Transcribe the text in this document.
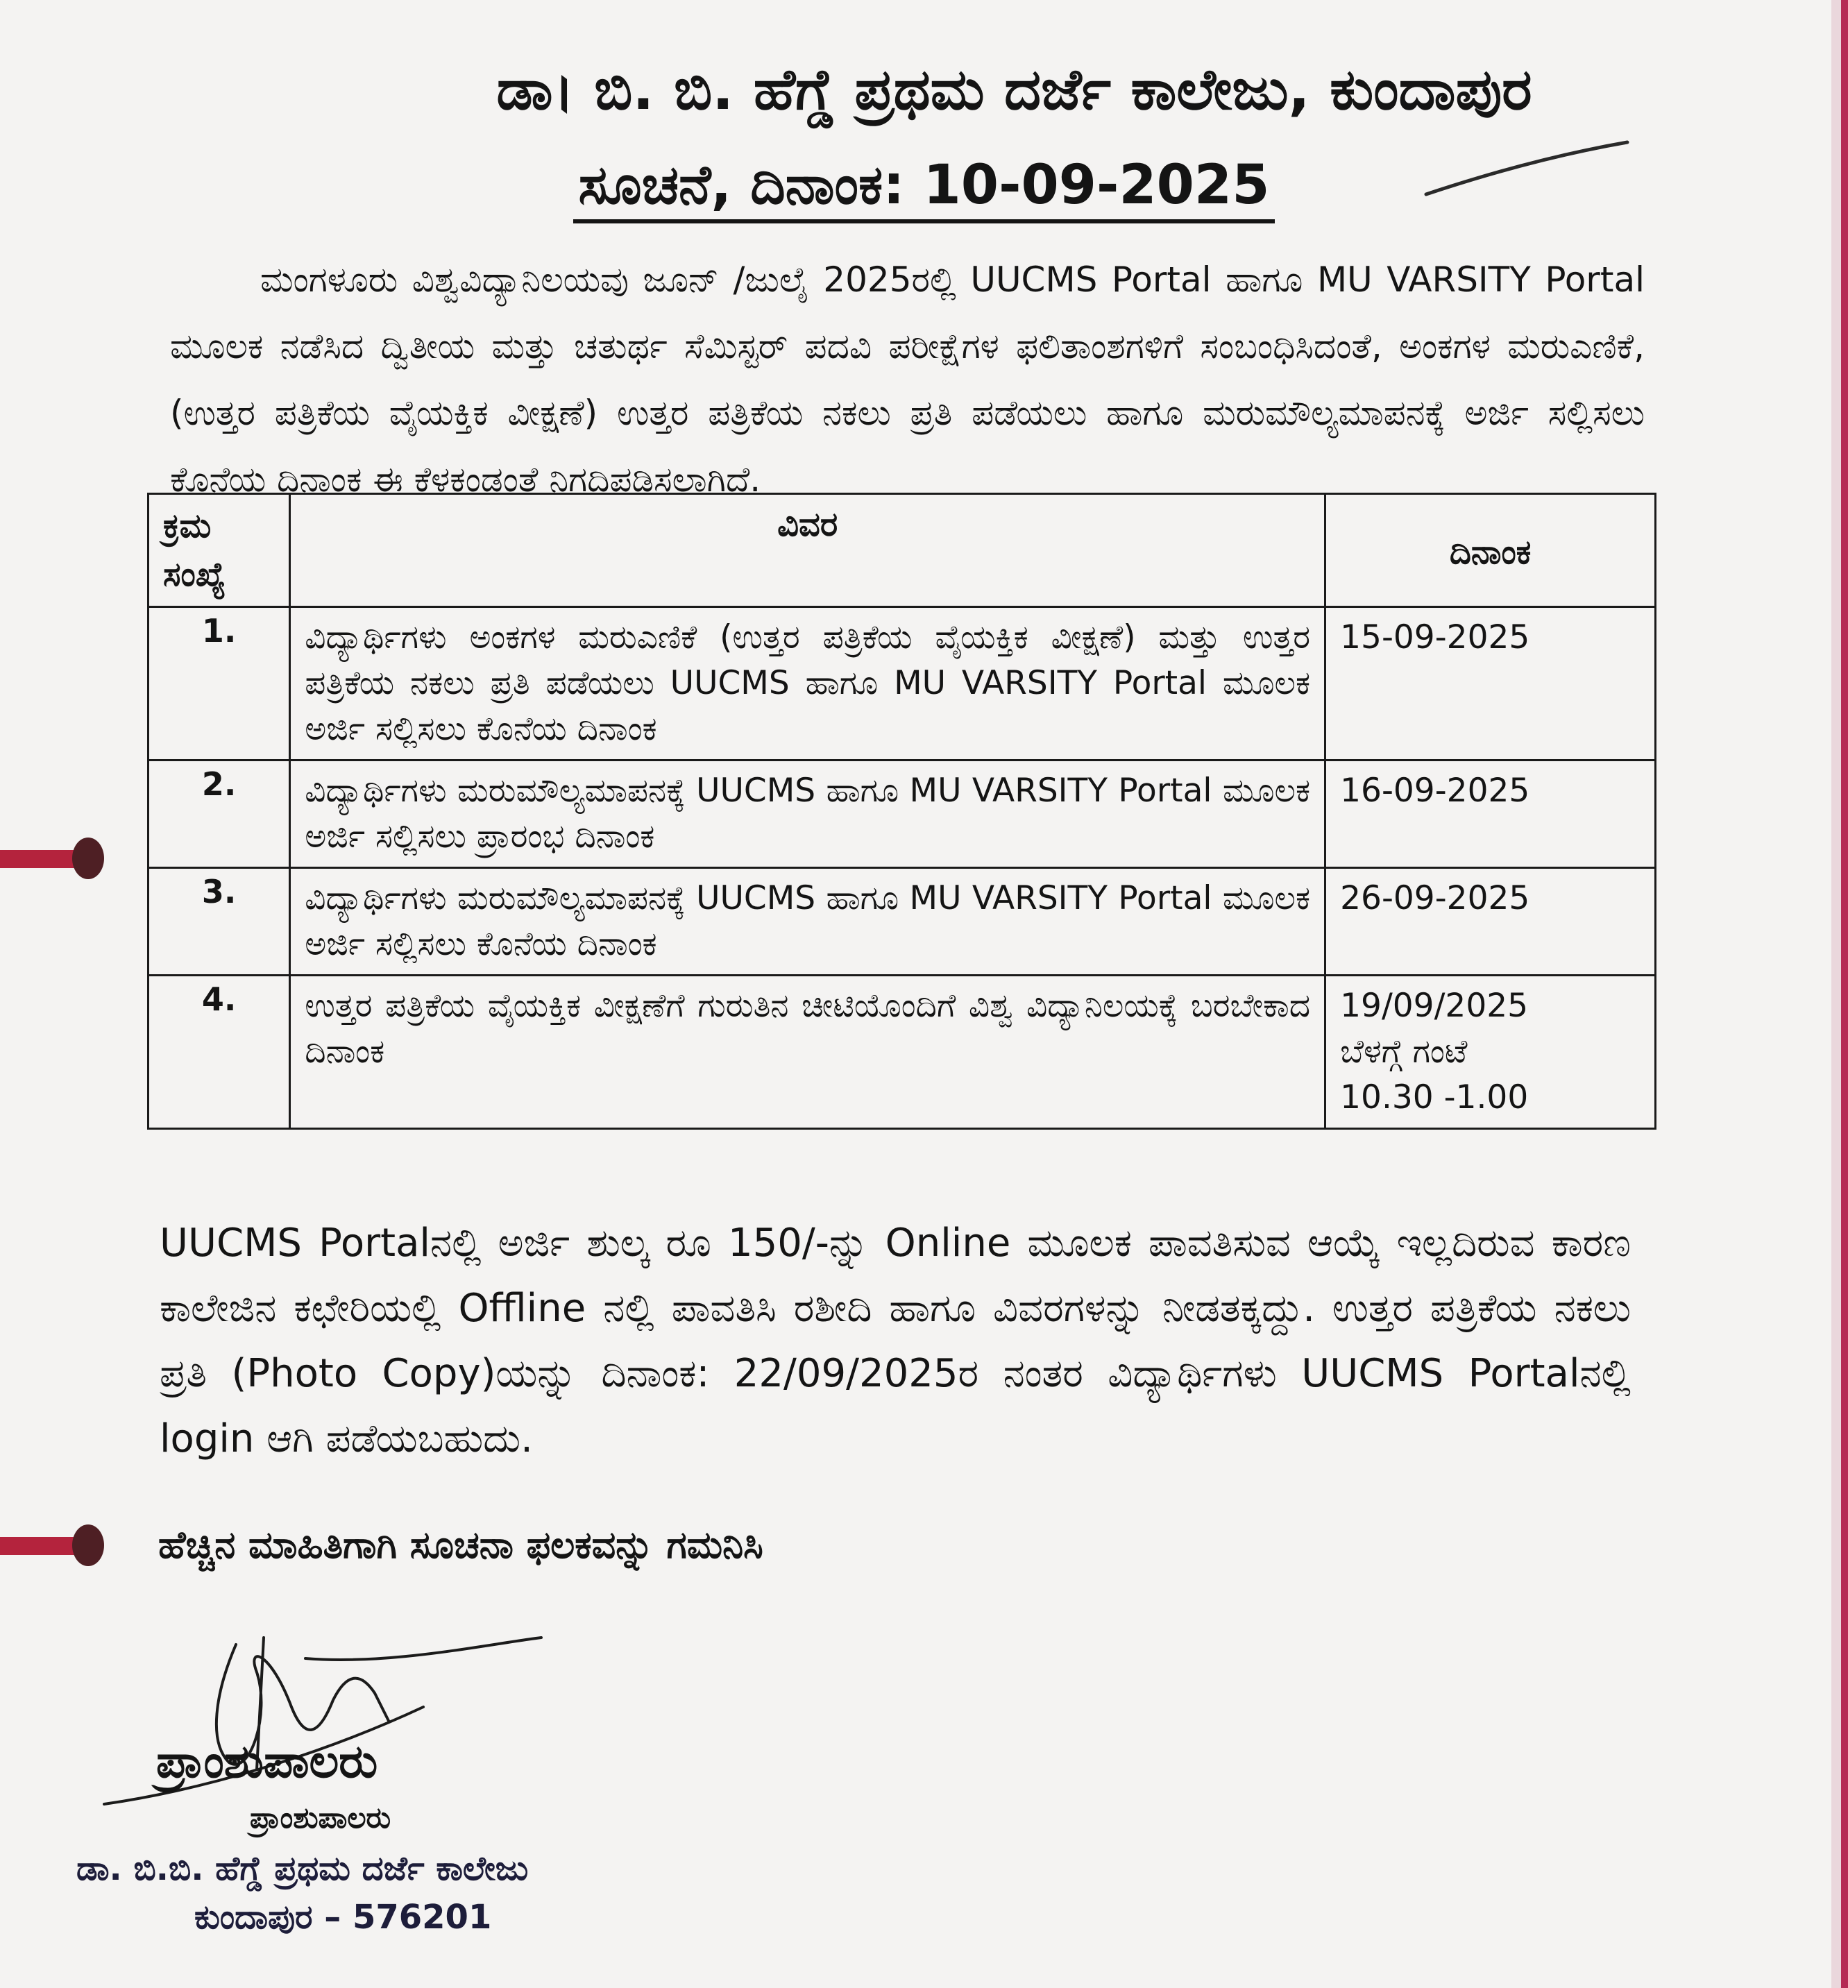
ಡಾ। ಬಿ. ಬಿ. ಹೆಗ್ಡೆ ಪ್ರಥಮ ದರ್ಜೆ ಕಾಲೇಜು, ಕುಂದಾಪುರ
ಸೂಚನೆ, ದಿನಾಂಕ: 10-09-2025
ಮಂಗಳೂರು ವಿಶ್ವವಿದ್ಯಾನಿಲಯವು ಜೂನ್ /ಜುಲೈ 2025ರಲ್ಲಿ UUCMS Portal ಹಾಗೂ MU VARSITY Portal ಮೂಲಕ ನಡೆಸಿದ ದ್ವಿತೀಯ ಮತ್ತು ಚತುರ್ಥ ಸೆಮಿಸ್ಟರ್ ಪದವಿ ಪರೀಕ್ಷೆಗಳ ಫಲಿತಾಂಶಗಳಿಗೆ ಸಂಬಂಧಿಸಿದಂತೆ, ಅಂಕಗಳ ಮರುಎಣಿಕೆ, (ಉತ್ತರ ಪತ್ರಿಕೆಯ ವೈಯಕ್ತಿಕ ವೀಕ್ಷಣೆ) ಉತ್ತರ ಪತ್ರಿಕೆಯ ನಕಲು ಪ್ರತಿ ಪಡೆಯಲು ಹಾಗೂ ಮರುಮೌಲ್ಯಮಾಪನಕ್ಕೆ ಅರ್ಜಿ ಸಲ್ಲಿಸಲು ಕೊನೆಯ ದಿನಾಂಕ ಈ ಕೆಳಕಂಡಂತೆ ನಿಗದಿಪಡಿಸಲಾಗಿದೆ.
ಕ್ರಮ ಸಂಖ್ಯೆ	ವಿವರ	ದಿನಾಂಕ
1.	ವಿದ್ಯಾರ್ಥಿಗಳು ಅಂಕಗಳ ಮರುಎಣಿಕೆ (ಉತ್ತರ ಪತ್ರಿಕೆಯ ವೈಯಕ್ತಿಕ ವೀಕ್ಷಣೆ) ಮತ್ತು ಉತ್ತರ ಪತ್ರಿಕೆಯ ನಕಲು ಪ್ರತಿ ಪಡೆಯಲು UUCMS ಹಾಗೂ MU VARSITY Portal ಮೂಲಕ ಅರ್ಜಿ ಸಲ್ಲಿಸಲು ಕೊನೆಯ ದಿನಾಂಕ	15-09-2025
2.	ವಿದ್ಯಾರ್ಥಿಗಳು ಮರುಮೌಲ್ಯಮಾಪನಕ್ಕೆ UUCMS ಹಾಗೂ MU VARSITY Portal ಮೂಲಕ ಅರ್ಜಿ ಸಲ್ಲಿಸಲು ಪ್ರಾರಂಭ ದಿನಾಂಕ	16-09-2025
3.	ವಿದ್ಯಾರ್ಥಿಗಳು ಮರುಮೌಲ್ಯಮಾಪನಕ್ಕೆ UUCMS ಹಾಗೂ MU VARSITY Portal ಮೂಲಕ ಅರ್ಜಿ ಸಲ್ಲಿಸಲು ಕೊನೆಯ ದಿನಾಂಕ	26-09-2025
4.	ಉತ್ತರ ಪತ್ರಿಕೆಯ ವೈಯಕ್ತಿಕ ವೀಕ್ಷಣೆಗೆ ಗುರುತಿನ ಚೀಟಿಯೊಂದಿಗೆ ವಿಶ್ವ ವಿದ್ಯಾನಿಲಯಕ್ಕೆ ಬರಬೇಕಾದ ದಿನಾಂಕ	19/09/2025
ಬೆಳಗ್ಗೆ ಗಂಟೆ
10.30 -1.00
UUCMS Portalನಲ್ಲಿ ಅರ್ಜಿ ಶುಲ್ಕ ರೂ 150/-ನ್ನು Online ಮೂಲಕ ಪಾವತಿಸುವ ಆಯ್ಕೆ ಇಲ್ಲದಿರುವ ಕಾರಣ ಕಾಲೇಜಿನ ಕಛೇರಿಯಲ್ಲಿ Offline ನಲ್ಲಿ ಪಾವತಿಸಿ ರಶೀದಿ ಹಾಗೂ ವಿವರಗಳನ್ನು ನೀಡತಕ್ಕದ್ದು. ಉತ್ತರ ಪತ್ರಿಕೆಯ ನಕಲು ಪ್ರತಿ (Photo Copy)ಯನ್ನು ದಿನಾಂಕ: 22/09/2025ರ ನಂತರ ವಿದ್ಯಾರ್ಥಿಗಳು UUCMS Portalನಲ್ಲಿ login ಆಗಿ ಪಡೆಯಬಹುದು.
ಹೆಚ್ಚಿನ ಮಾಹಿತಿಗಾಗಿ ಸೂಚನಾ ಫಲಕವನ್ನು ಗಮನಿಸಿ
ಪ್ರಾಂಶುಪಾಲರು
ಪ್ರಾಂಶುಪಾಲರು
ಡಾ. ಬಿ.ಬಿ. ಹೆಗ್ಡೆ ಪ್ರಥಮ ದರ್ಜೆ ಕಾಲೇಜು
ಕುಂದಾಪುರ – 576201
